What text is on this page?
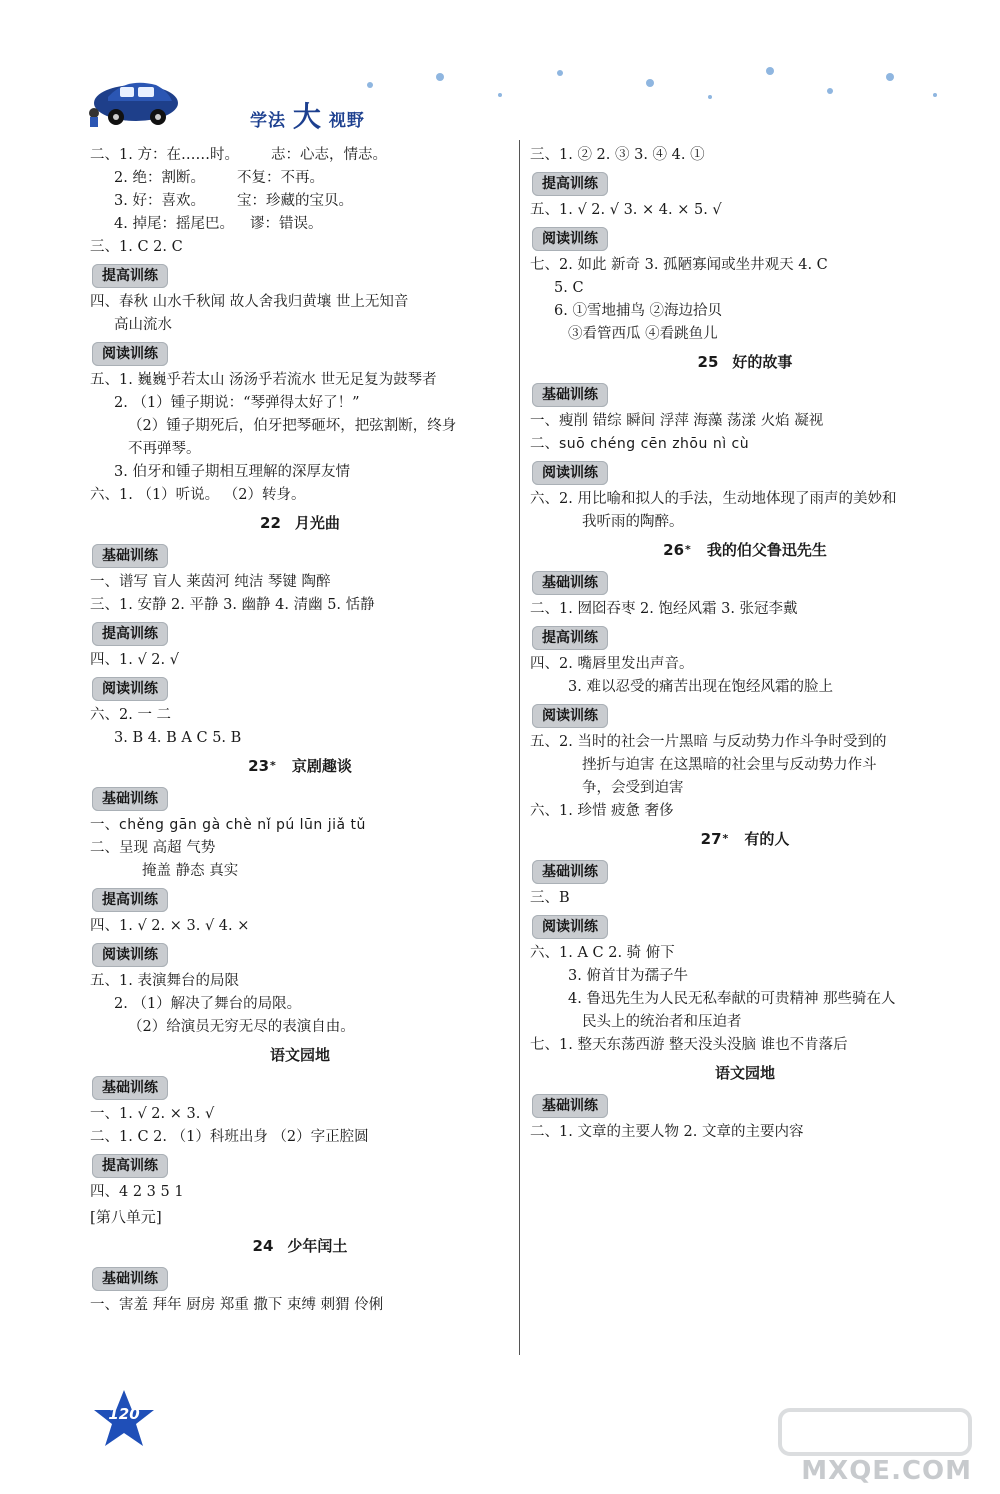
学法 大 视野
二、1. 方：在……时。 志：心志，情志。
2. 绝：割断。 不复：不再。
3. 好：喜欢。 宝：珍藏的宝贝。
4. 掉尾：摇尾巴。 谬：错误。
三、1. C 2. C
提高训练
四、春秋 山水千秋闻 故人舍我归黄壤 世上无知音
高山流水
阅读训练
五、1. 巍巍乎若太山 汤汤乎若流水 世无足复为鼓琴者
2. （1）锺子期说：“琴弹得太好了！”
（2）锺子期死后，伯牙把琴砸坏，把弦割断，终身
不再弹琴。
3. 伯牙和锺子期相互理解的深厚友情
六、1. （1）听说。 （2）转身。
22 月光曲
基础训练
一、谱写 盲人 莱茵河 纯洁 琴键 陶醉
三、1. 安静 2. 平静 3. 幽静 4. 清幽 5. 恬静
提高训练
四、1. √ 2. √
阅读训练
六、2. 一 二
3. B 4. B A C 5. B
23* 京剧趣谈
基础训练
一、chěng gān gà chè nǐ pú lūn jiǎ tǔ
二、呈现 高超 气势
掩盖 静态 真实
提高训练
四、1. √ 2. × 3. √ 4. ×
阅读训练
五、1. 表演舞台的局限
2. （1）解决了舞台的局限。
（2）给演员无穷无尽的表演自由。
语文园地
基础训练
一、1. √ 2. × 3. √
二、1. C 2. （1）科班出身 （2）字正腔圆
提高训练
四、4 2 3 5 1
[第八单元]
24 少年闰土
基础训练
一、害羞 拜年 厨房 郑重 撒下 束缚 刺猬 伶俐
三、1. ② 2. ③ 3. ④ 4. ①
提高训练
五、1. √ 2. √ 3. × 4. × 5. √
阅读训练
七、2. 如此 新奇 3. 孤陋寡闻或坐井观天 4. C
5. C
6. ①雪地捕鸟 ②海边拾贝
③看管西瓜 ④看跳鱼儿
25 好的故事
基础训练
一、瘦削 错综 瞬间 浮萍 海藻 荡漾 火焰 凝视
二、suō chéng cēn zhōu nì cù
阅读训练
六、2. 用比喻和拟人的手法，生动地体现了雨声的美妙和
我听雨的陶醉。
26* 我的伯父鲁迅先生
基础训练
二、1. 囫囵吞枣 2. 饱经风霜 3. 张冠李戴
提高训练
四、2. 嘴唇里发出声音。
3. 难以忍受的痛苦出现在饱经风霜的脸上
阅读训练
五、2. 当时的社会一片黑暗 与反动势力作斗争时受到的
挫折与迫害 在这黑暗的社会里与反动势力作斗
争，会受到迫害
六、1. 珍惜 疲惫 奢侈
27* 有的人
基础训练
三、B
阅读训练
六、1. A C 2. 骑 俯下
3. 俯首甘为孺子牛
4. 鲁迅先生为人民无私奉献的可贵精神 那些骑在人
民头上的统治者和压迫者
七、1. 整天东荡西游 整天没头没脑 谁也不肯落后
语文园地
基础训练
二、1. 文章的主要人物 2. 文章的主要内容
120
MXQE.COM
